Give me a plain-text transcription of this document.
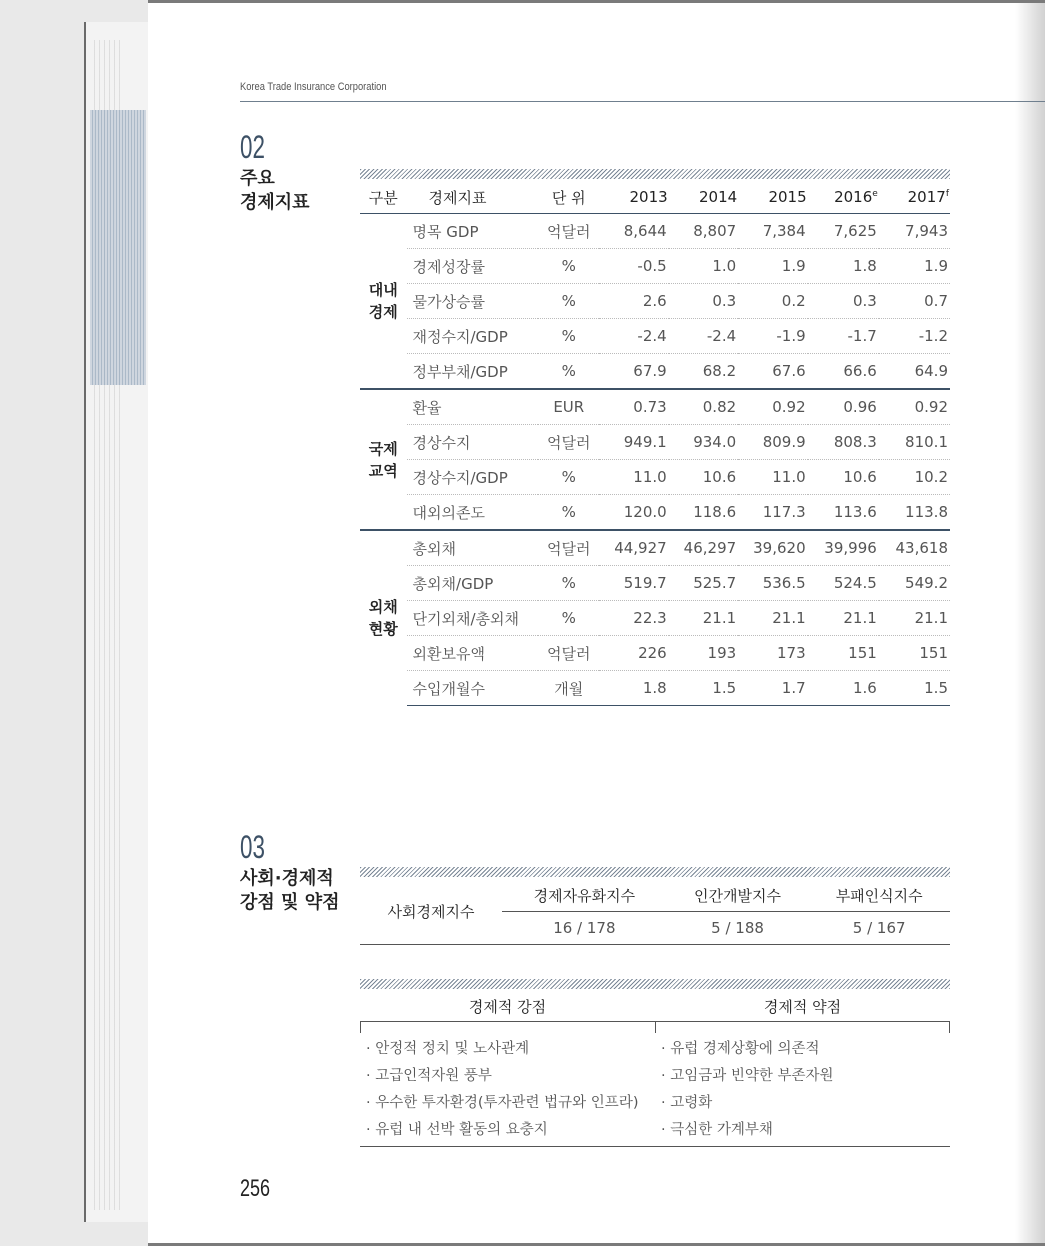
Korea Trade Insurance Corporation
02
주요
경제지표	구분	경제지표	단 위	2013	2014	2015	2016e	2017$^f$
대내
경제	명목 GDP	억달러	8,644	8,807	7,384	7,625	7,943
	경제성장률	%	-0.5	1.0	1.9	1.8	1.9
	물가상승률	%	2.6	0.3	0.2	0.3	0.7
	재정수지/GDP	%	-2.4	-2.4	-1.9	-1.7	-1.2
	정부부채/GDP	%	67.9	68.2	67.6	66.6	64.9
국제
교역	환율	EUR	0.73	0.82	0.92	0.96	0.92
	경상수지	억달러	949.1	934.0	809.9	808.3	810.1
	경상수지/GDP	%	11.0	10.6	11.0	10.6	10.2
	대외의존도	%	120.0	118.6	117.3	113.6	113.8
외채
현황	총외채	억달러	44,927	46,297	39,620	39,996	43,618
	총외채/GDP	%	519.7	525.7	536.5	524.5	549.2
	단기외채/총외채	%	22.3	21.1	21.1	21.1	21.1
	외환보유액	억달러	226	193	173	151	151
	수입개월수	개월	1.8	1.5	1.7	1.6	1.5
03
사회·경제적
강점 및 약점	사회경제지수	경제자유화지수	인간개발지수	부패인식지수
	16 / 178	5 / 188	5 / 167
경제적 강점	경제적 약점
· 안정적 정치 및 노사관계
· 고급인적자원 풍부
· 우수한 투자환경(투자관련 법규와 인프라)
· 유럽 내 선박 활동의 요충지
· 유럽 경제상황에 의존적
· 고임금과 빈약한 부존자원
· 고령화
· 극심한 가계부채
256
